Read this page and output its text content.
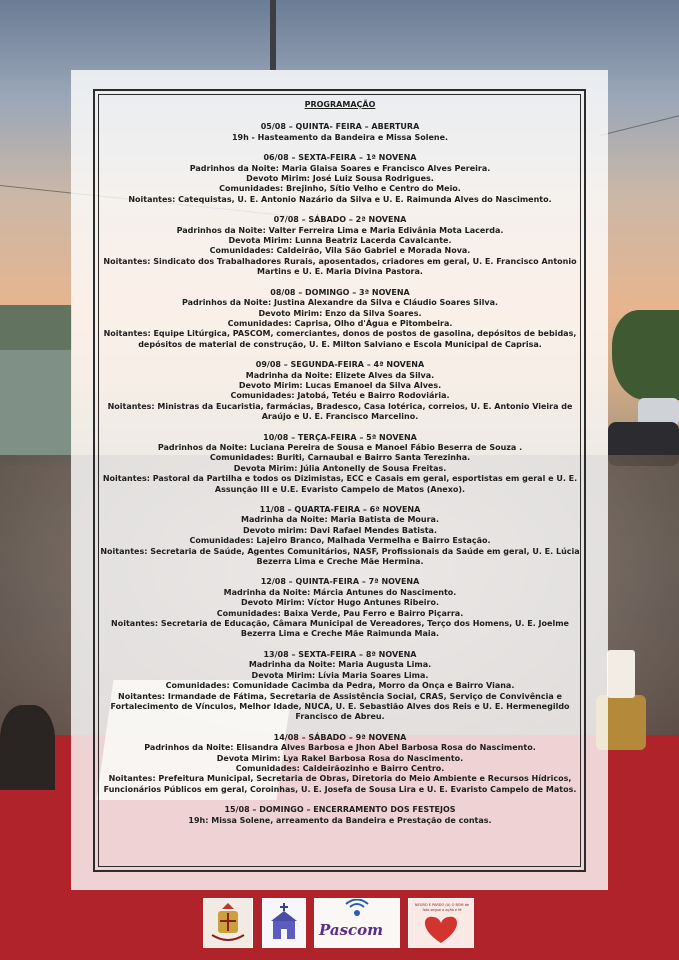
PROGRAMAÇÃO
05/08 – QUINTA- FEIRA – ABERTURA
19h - Hasteamento da Bandeira e Missa Solene.
06/08 – SEXTA-FEIRA – 1ª NOVENA
Padrinhos da Noite: Maria Glaisa Soares e Francisco Alves Pereira.
Devoto Mirim: José Luiz Sousa Rodrigues.
Comunidades: Brejinho, Sítio Velho e Centro do Meio.
Noitantes: Catequistas, U. E. Antonio Nazário da Silva e U. E. Raimunda Alves do Nascimento.
07/08 – SÁBADO – 2ª NOVENA
Padrinhos da Noite: Valter Ferreira Lima e Maria Edivânia Mota Lacerda.
Devota Mirim: Lunna Beatriz Lacerda Cavalcante.
Comunidades: Caldeirão, Vila São Gabriel e Morada Nova.
Noitantes: Sindicato dos Trabalhadores Rurais, aposentados, criadores em geral, U. E. Francisco Antonio Martins e U. E. Maria Divina Pastora.
08/08 – DOMINGO – 3ª NOVENA
Padrinhos da Noite: Justina Alexandre da Silva e Cláudio Soares Silva.
Devoto Mirim: Enzo da Silva Soares.
Comunidades: Caprisa, Olho d'Água e Pitombeira.
Noitantes: Equipe Litúrgica, PASCOM, comerciantes, donos de postos de gasolina, depósitos de bebidas, depósitos de material de construção, U. E. Milton Salviano e Escola Municipal de Caprisa.
09/08 – SEGUNDA-FEIRA – 4ª NOVENA
Madrinha da Noite: Elizete Alves da Silva.
Devoto Mirim: Lucas Emanoel da Silva Alves.
Comunidades: Jatobá, Tetéu e Bairro Rodoviária.
Noitantes: Ministras da Eucaristia, farmácias, Bradesco, Casa lotérica, correios, U. E. Antonio Vieira de Araújo e U. E. Francisco Marcelino.
10/08 – TERÇA-FEIRA – 5ª NOVENA
Padrinhos da Noite: Luciana Pereira de Sousa e Manoel Fábio Beserra de Souza .
Comunidades: Buriti, Carnaubal e Bairro Santa Terezinha.
Devota Mirim: Júlia Antonelly de Sousa Freitas.
Noitantes: Pastoral da Partilha e todos os Dizimistas, ECC e Casais em geral, esportistas em geral e U. E. Assunção III e U.E. Evaristo Campelo de Matos (Anexo).
11/08 – QUARTA-FEIRA – 6ª NOVENA
Madrinha da Noite: Maria Batista de Moura.
Devoto mirim: Davi Rafael Mendes Batista.
Comunidades: Lajeiro Branco, Malhada Vermelha e Bairro Estação.
Noitantes: Secretaria de Saúde, Agentes Comunitários, NASF, Profissionais da Saúde em geral, U. E. Lúcia Bezerra Lima e Creche Mãe Hermina.
12/08 – QUINTA-FEIRA – 7ª NOVENA
Madrinha da Noite: Márcia Antunes do Nascimento.
Devoto Mirim: Víctor Hugo Antunes Ribeiro.
Comunidades: Baixa Verde, Pau Ferro e Bairro Piçarra.
Noitantes: Secretaria de Educação, Câmara Municipal de Vereadores, Terço dos Homens, U. E. Joelme Bezerra Lima e Creche Mãe Raimunda Maia.
13/08 – SEXTA-FEIRA – 8ª NOVENA
Madrinha da Noite: Maria Augusta Lima.
Devota Mirim: Lívia Maria Soares Lima.
Comunidades: Comunidade Cacimba da Pedra, Morro da Onça e Bairro Viana.
Noitantes: Irmandade de Fátima, Secretaria de Assistência Social, CRAS, Serviço de Convivência e Fortalecimento de Vínculos, Melhor Idade, NUCA, U. E. Sebastião Alves dos Reis e U. E. Hermenegildo Francisco de Abreu.
14/08 – SÁBADO – 9ª NOVENA
Padrinhos da Noite: Elisandra Alves Barbosa e Jhon Abel Barbosa Rosa do Nascimento.
Devota Mirim: Lya Rakel Barbosa Rosa do Nascimento.
Comunidades: Caldeirãozinho e Bairro Centro.
Noitantes: Prefeitura Municipal, Secretaria de Obras, Diretoria do Meio Ambiente e Recursos Hídricos, Funcionários Públicos em geral, Coroinhas, U. E. Josefa de Sousa Lira e U. E. Evaristo Campelo de Matos.
15/08 – DOMINGO – ENCERRAMENTO DOS FESTEJOS
19h: Missa Solene, arreamento da Bandeira e Prestação de contas.
Pascom
NEGRO E PARDO (A) O BOM de fato segue o ação e fé
